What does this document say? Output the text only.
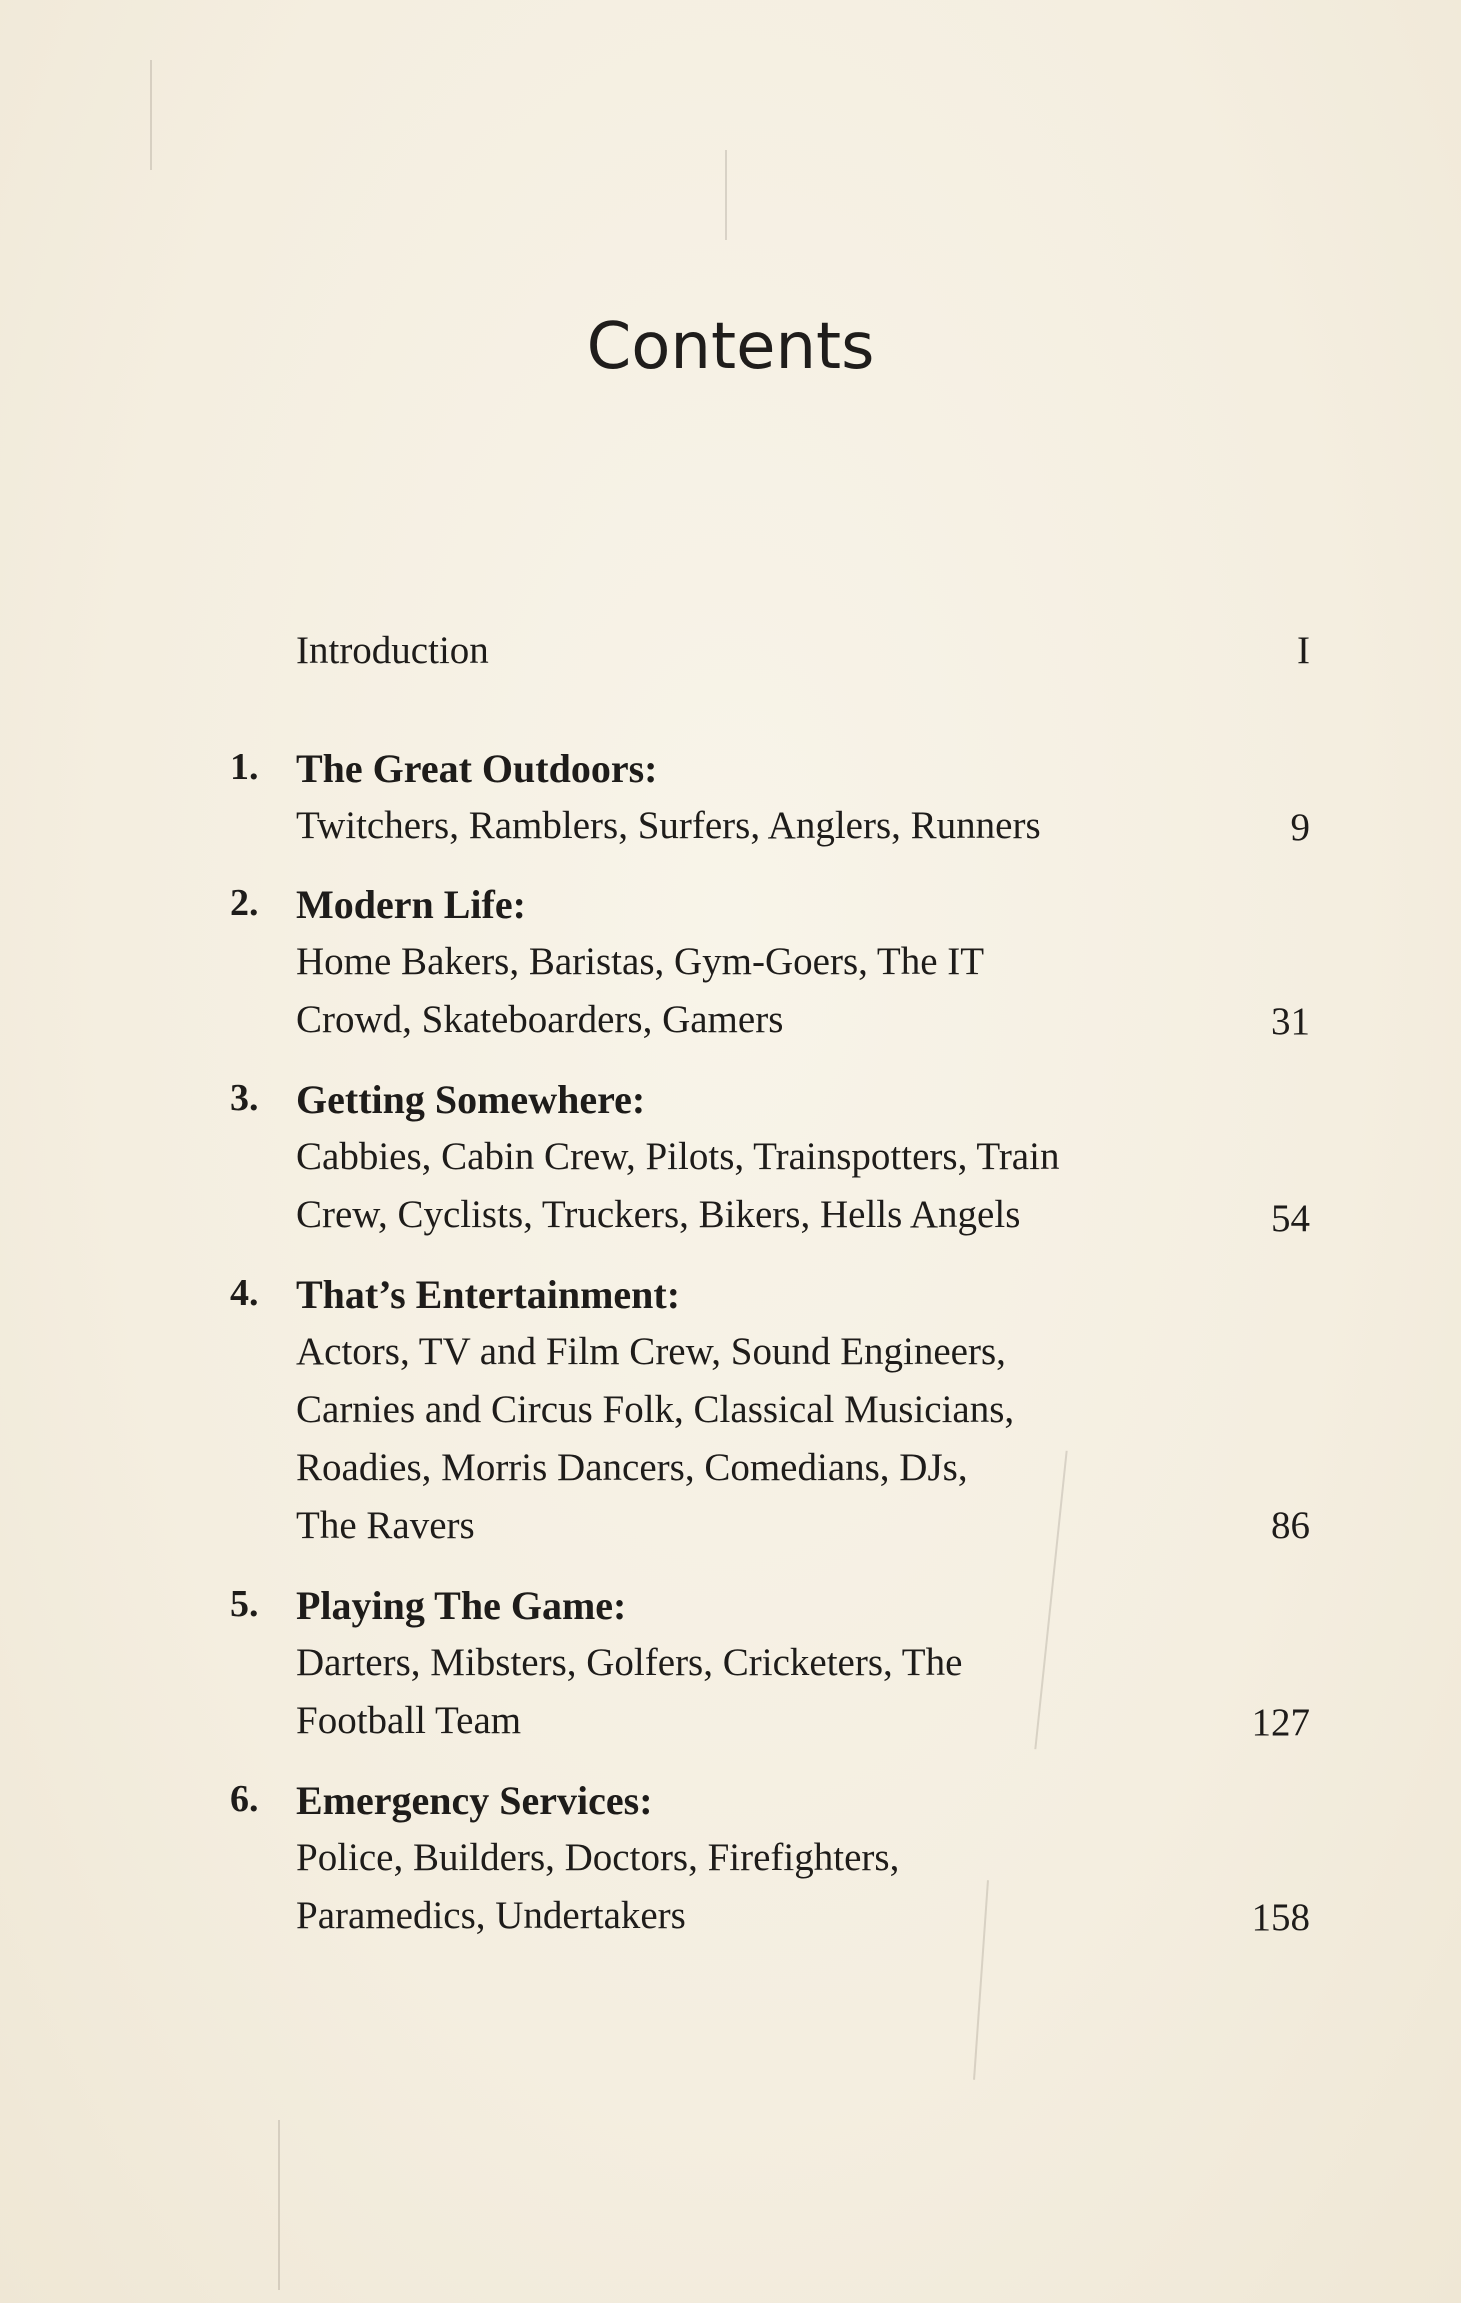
Contents
Introduction	I
1. The Great Outdoors:
Twitchers, Ramblers, Surfers, Anglers, Runners	9
2. Modern Life:
Home Bakers, Baristas, Gym-Goers, The IT
Crowd, Skateboarders, Gamers	31
3. Getting Somewhere:
Cabbies, Cabin Crew, Pilots, Trainspotters, Train
Crew, Cyclists, Truckers, Bikers, Hells Angels	54
4. That’s Entertainment:
Actors, TV and Film Crew, Sound Engineers,
Carnies and Circus Folk, Classical Musicians,
Roadies, Morris Dancers, Comedians, DJs,
The Ravers	86
5. Playing The Game:
Darters, Mibsters, Golfers, Cricketers, The
Football Team	127
6. Emergency Services:
Police, Builders, Doctors, Firefighters,
Paramedics, Undertakers	158
